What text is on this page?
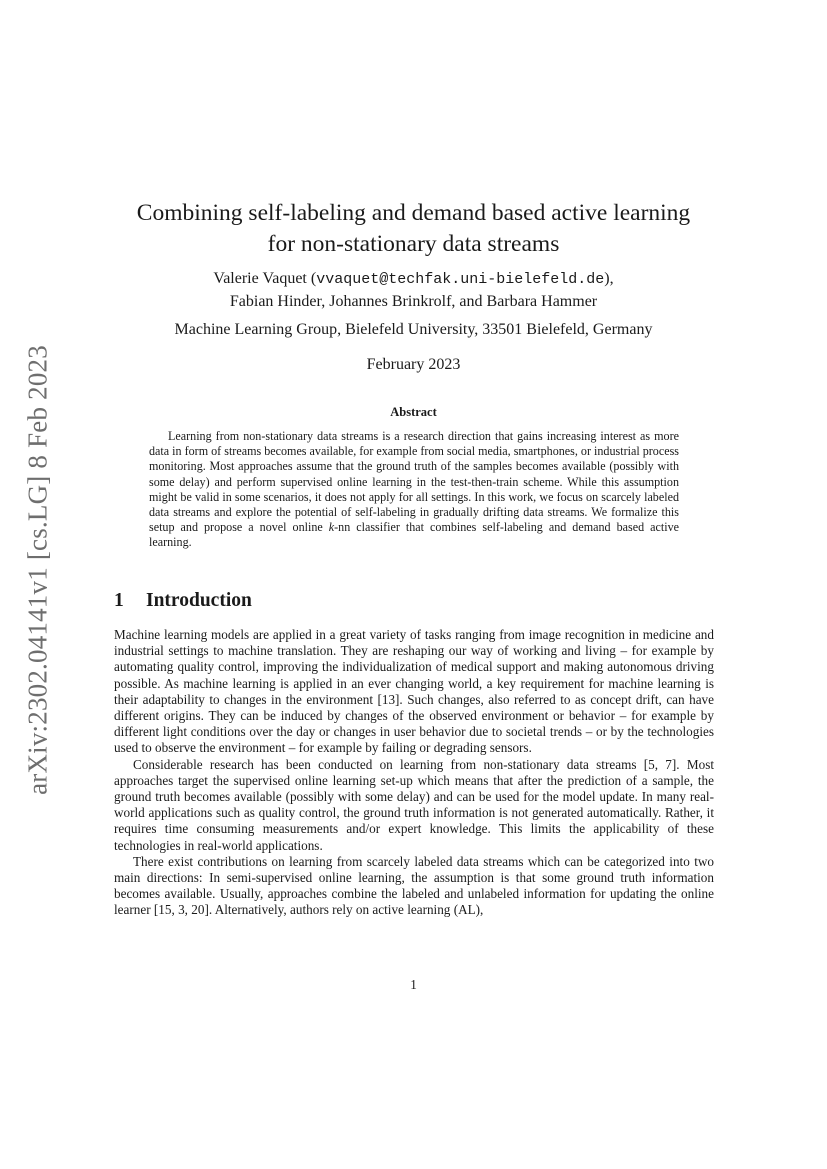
arXiv:2302.04141v1 [cs.LG] 8 Feb 2023
Combining self-labeling and demand based active learning
for non-stationary data streams
Valerie Vaquet (vvaquet@techfak.uni-bielefeld.de),
Fabian Hinder, Johannes Brinkrolf, and Barbara Hammer
Machine Learning Group, Bielefeld University, 33501 Bielefeld, Germany
February 2023
Abstract

Learning from non-stationary data streams is a research direction that gains increasing interest as more data in form of streams becomes available, for example from social media, smartphones, or industrial process monitoring. Most approaches assume that the ground truth of the samples becomes available (possibly with some delay) and perform supervised online learning in the test-then-train scheme. While this assumption might be valid in some scenarios, it does not apply for all settings. In this work, we focus on scarcely labeled data streams and explore the potential of self-labeling in gradually drifting data streams. We formalize this setup and propose a novel online k-nn classifier that combines self-labeling and demand based active learning.

1 Introduction

Machine learning models are applied in a great variety of tasks ranging from image recognition in medicine and industrial settings to machine translation. They are reshaping our way of working and living – for example by automating quality control, improving the individualization of medical support and making autonomous driving possible. As machine learning is applied in an ever changing world, a key requirement for machine learning is their adaptability to changes in the environment [13]. Such changes, also referred to as concept drift, can have different origins. They can be induced by changes of the observed environment or behavior – for example by different light conditions over the day or changes in user behavior due to societal trends – or by the technologies used to observe the environment – for example by failing or degrading sensors.

Considerable research has been conducted on learning from non-stationary data streams [5, 7]. Most approaches target the supervised online learning set-up which means that after the prediction of a sample, the ground truth becomes available (possibly with some delay) and can be used for the model update. In many real-world applications such as quality control, the ground truth information is not generated automatically. Rather, it requires time consuming measurements and/or expert knowledge. This limits the applicability of these technologies in real-world applications.

There exist contributions on learning from scarcely labeled data streams which can be categorized into two main directions: In semi-supervised online learning, the assumption is that some ground truth information becomes available. Usually, approaches combine the labeled and unlabeled information for updating the online learner [15, 3, 20]. Alternatively, authors rely on active learning (AL),

1
